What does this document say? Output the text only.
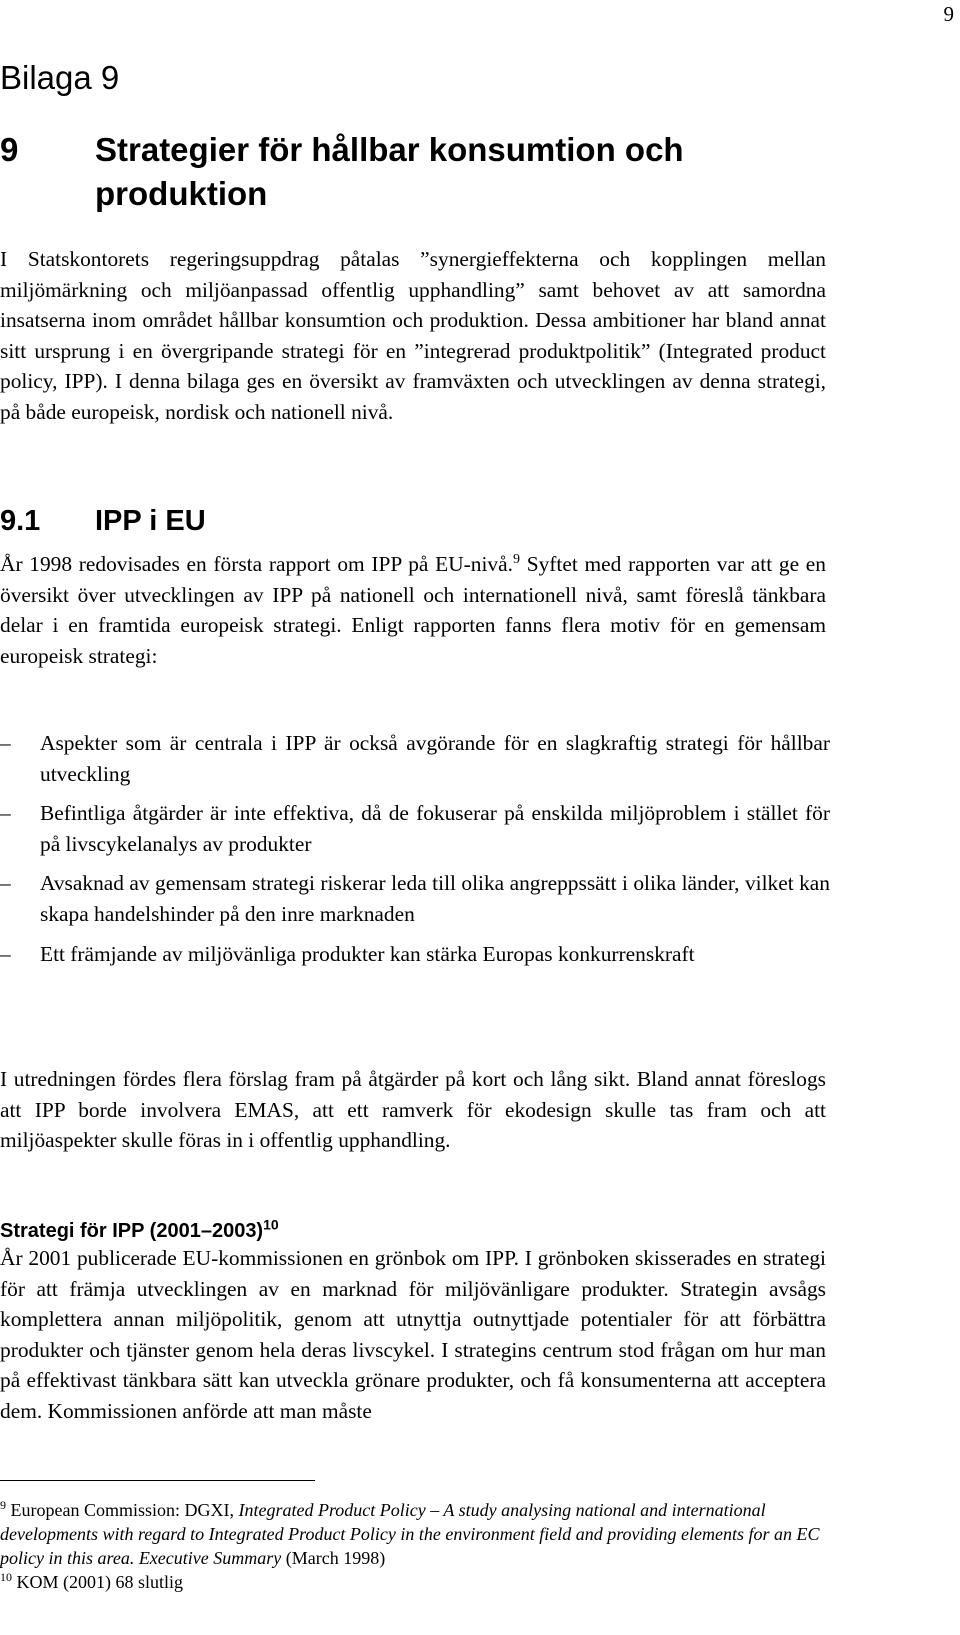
9
Bilaga 9
9 Strategier för hållbar konsumtion och produktion

I Statskontorets regeringsuppdrag påtalas ”synergieffekterna och kopplingen mellan miljömärkning och miljöanpassad offentlig upphandling” samt behovet av att samordna insatserna inom området hållbar konsumtion och produktion. Dessa ambitioner har bland annat sitt ursprung i en övergripande strategi för en ”integrerad produktpolitik” (Integrated product policy, IPP). I denna bilaga ges en översikt av framväxten och utvecklingen av denna strategi, på både europeisk, nordisk och nationell nivå.

9.1 IPP i EU

År 1998 redovisades en första rapport om IPP på EU-nivå.$^9$ Syftet med rapporten var att ge en översikt över utvecklingen av IPP på nationell och internationell nivå, samt föreslå tänkbara delar i en framtida europeisk strategi. Enligt rapporten fanns flera motiv för en gemensam europeisk strategi:

– Aspekter som är centrala i IPP är också avgörande för en slagkraftig strategi för hållbar utveckling
– Befintliga åtgärder är inte effektiva, då de fokuserar på enskilda miljöproblem i stället för på livscykelanalys av produkter
– Avsaknad av gemensam strategi riskerar leda till olika angreppssätt i olika länder, vilket kan skapa handelshinder på den inre marknaden
– Ett främjande av miljövänliga produkter kan stärka Europas konkurrenskraft

I utredningen fördes flera förslag fram på åtgärder på kort och lång sikt. Bland annat föreslogs att IPP borde involvera EMAS, att ett ramverk för ekodesign skulle tas fram och att miljöaspekter skulle föras in i offentlig upphandling.

Strategi för IPP (2001–2003)$^{10}$

År 2001 publicerade EU-kommissionen en grönbok om IPP. I grönboken skisserades en strategi för att främja utvecklingen av en marknad för miljövänligare produkter. Strategin avsågs komplettera annan miljöpolitik, genom att utnyttja outnyttjade potentialer för att förbättra produkter och tjänster genom hela deras livscykel. I strategins centrum stod frågan om hur man på effektivast tänkbara sätt kan utveckla grönare produkter, och få konsumenterna att acceptera dem. Kommissionen anförde att man måste

$^9$ European Commission: DGXI, Integrated Product Policy – A study analysing national and international developments with regard to Integrated Product Policy in the environment field and providing elements for an EC policy in this area. Executive Summary (March 1998)

$^{10}$ KOM (2001) 68 slutlig
